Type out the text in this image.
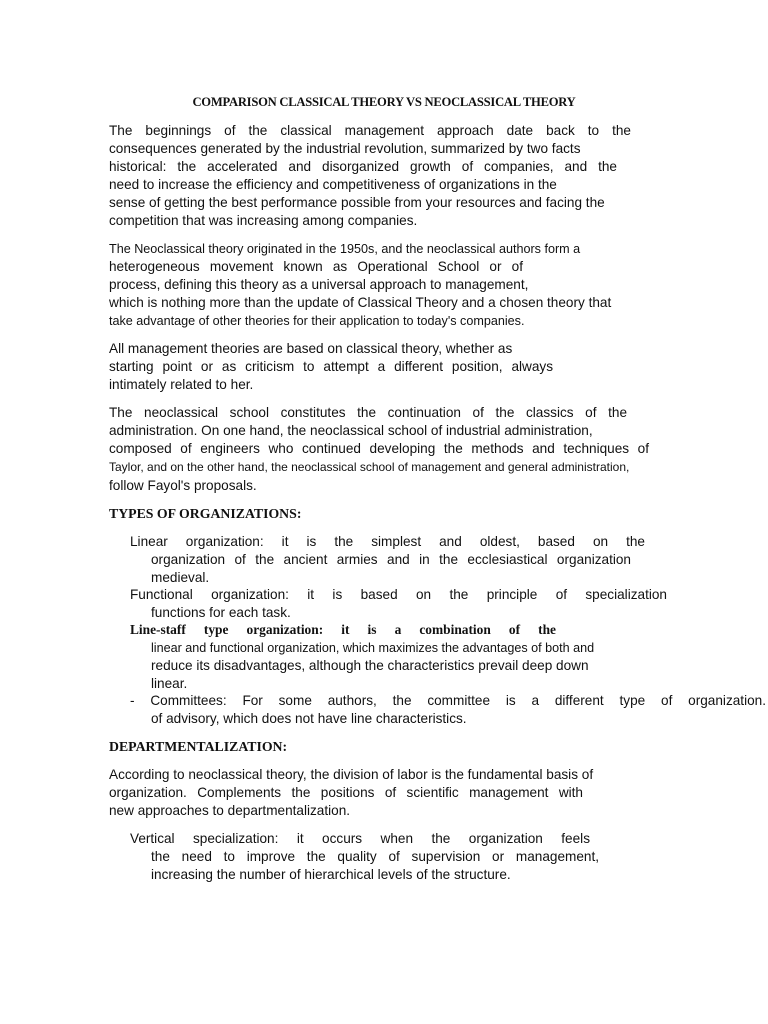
COMPARISON CLASSICAL THEORY VS NEOCLASSICAL THEORY
The beginnings of the classical management approach date back to the
consequences generated by the industrial revolution, summarized by two facts
historical: the accelerated and disorganized growth of companies, and the
need to increase the efficiency and competitiveness of organizations in the
sense of getting the best performance possible from your resources and facing the
competition that was increasing among companies.
The Neoclassical theory originated in the 1950s, and the neoclassical authors form a
heterogeneous movement known as Operational School or of
process, defining this theory as a universal approach to management,
which is nothing more than the update of Classical Theory and a chosen theory that
take advantage of other theories for their application to today's companies.
All management theories are based on classical theory, whether as
starting point or as criticism to attempt a different position, always
intimately related to her.
The neoclassical school constitutes the continuation of the classics of the
administration. On one hand, the neoclassical school of industrial administration,
composed of engineers who continued developing the methods and techniques of
Taylor, and on the other hand, the neoclassical school of management and general administration,
follow Fayol's proposals.
TYPES OF ORGANIZATIONS:
Linear organization: it is the simplest and oldest, based on the
organization of the ancient armies and in the ecclesiastical organization
medieval.
Functional organization: it is based on the principle of specialization
functions for each task.
Line-staff type organization: it is a combination of the
linear and functional organization, which maximizes the advantages of both and
reduce its disadvantages, although the characteristics prevail deep down
linear.
- Committees: For some authors, the committee is a different type of organization.
of advisory, which does not have line characteristics.
DEPARTMENTALIZATION:
According to neoclassical theory, the division of labor is the fundamental basis of
organization. Complements the positions of scientific management with
new approaches to departmentalization.
Vertical specialization: it occurs when the organization feels
the need to improve the quality of supervision or management,
increasing the number of hierarchical levels of the structure.
